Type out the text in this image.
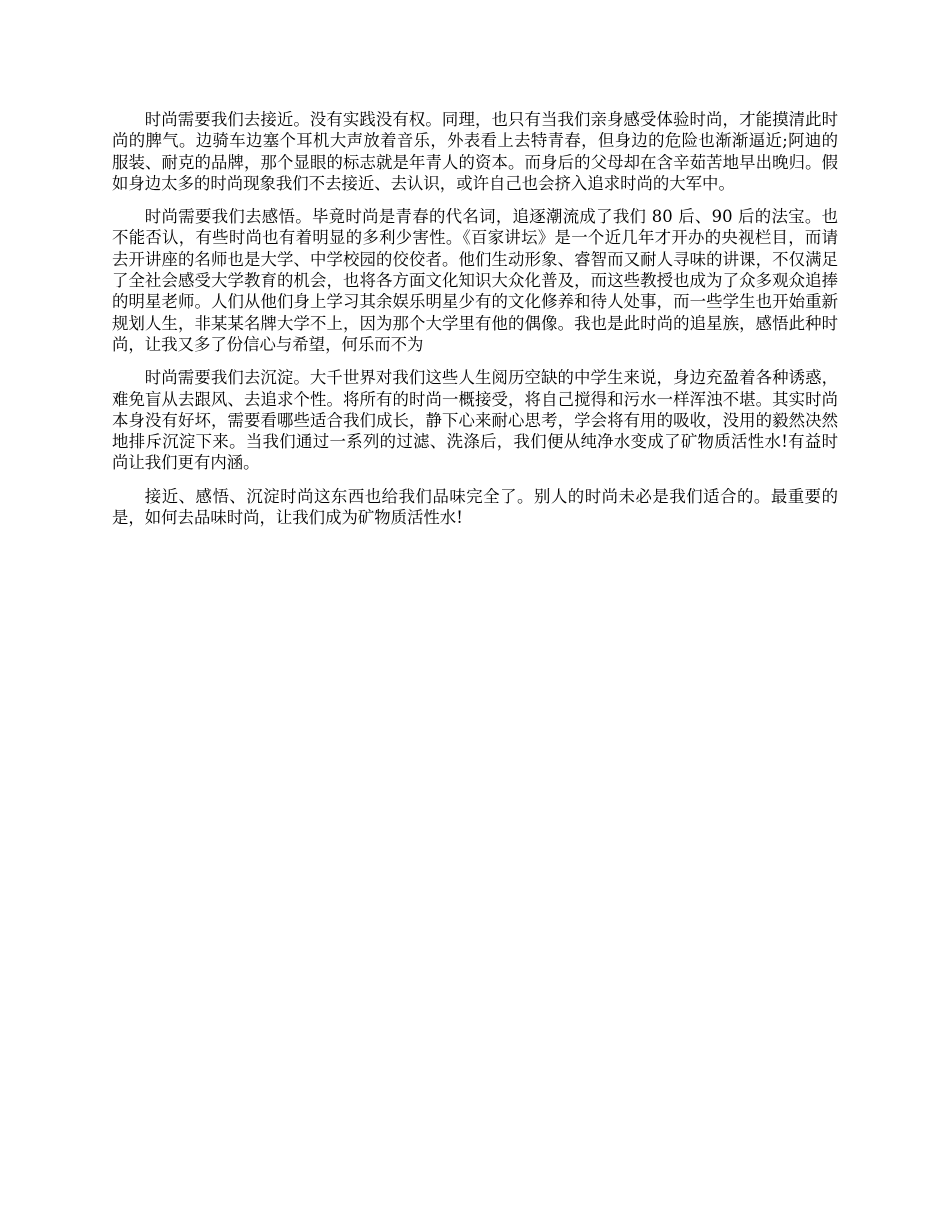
时尚需要我们去接近。没有实践没有权。同理，也只有当我们亲身感受体验时尚，才能摸清此时尚的脾气。边骑车边塞个耳机大声放着音乐，外表看上去特青春，但身边的危险也渐渐逼近;阿迪的服装、耐克的品牌，那个显眼的标志就是年青人的资本。而身后的父母却在含辛茹苦地早出晚归。假如身边太多的时尚现象我们不去接近、去认识，或许自己也会挤入追求时尚的大军中。

时尚需要我们去感悟。毕竟时尚是青春的代名词，追逐潮流成了我们 80 后、90 后的法宝。也不能否认，有些时尚也有着明显的多利少害性。《百家讲坛》是一个近几年才开办的央视栏目，而请去开讲座的名师也是大学、中学校园的佼佼者。他们生动形象、睿智而又耐人寻味的讲课，不仅满足了全社会感受大学教育的机会，也将各方面文化知识大众化普及，而这些教授也成为了众多观众追捧的明星老师。人们从他们身上学习其余娱乐明星少有的文化修养和待人处事，而一些学生也开始重新规划人生，非某某名牌大学不上，因为那个大学里有他的偶像。我也是此时尚的追星族，感悟此种时尚，让我又多了份信心与希望，何乐而不为

时尚需要我们去沉淀。大千世界对我们这些人生阅历空缺的中学生来说，身边充盈着各种诱惑，难免盲从去跟风、去追求个性。将所有的时尚一概接受，将自己搅得和污水一样浑浊不堪。其实时尚本身没有好坏，需要看哪些适合我们成长，静下心来耐心思考，学会将有用的吸收，没用的毅然决然地排斥沉淀下来。当我们通过一系列的过滤、洗涤后，我们便从纯净水变成了矿物质活性水!有益时尚让我们更有内涵。

接近、感悟、沉淀时尚这东西也给我们品味完全了。别人的时尚未必是我们适合的。最重要的是，如何去品味时尚，让我们成为矿物质活性水!
